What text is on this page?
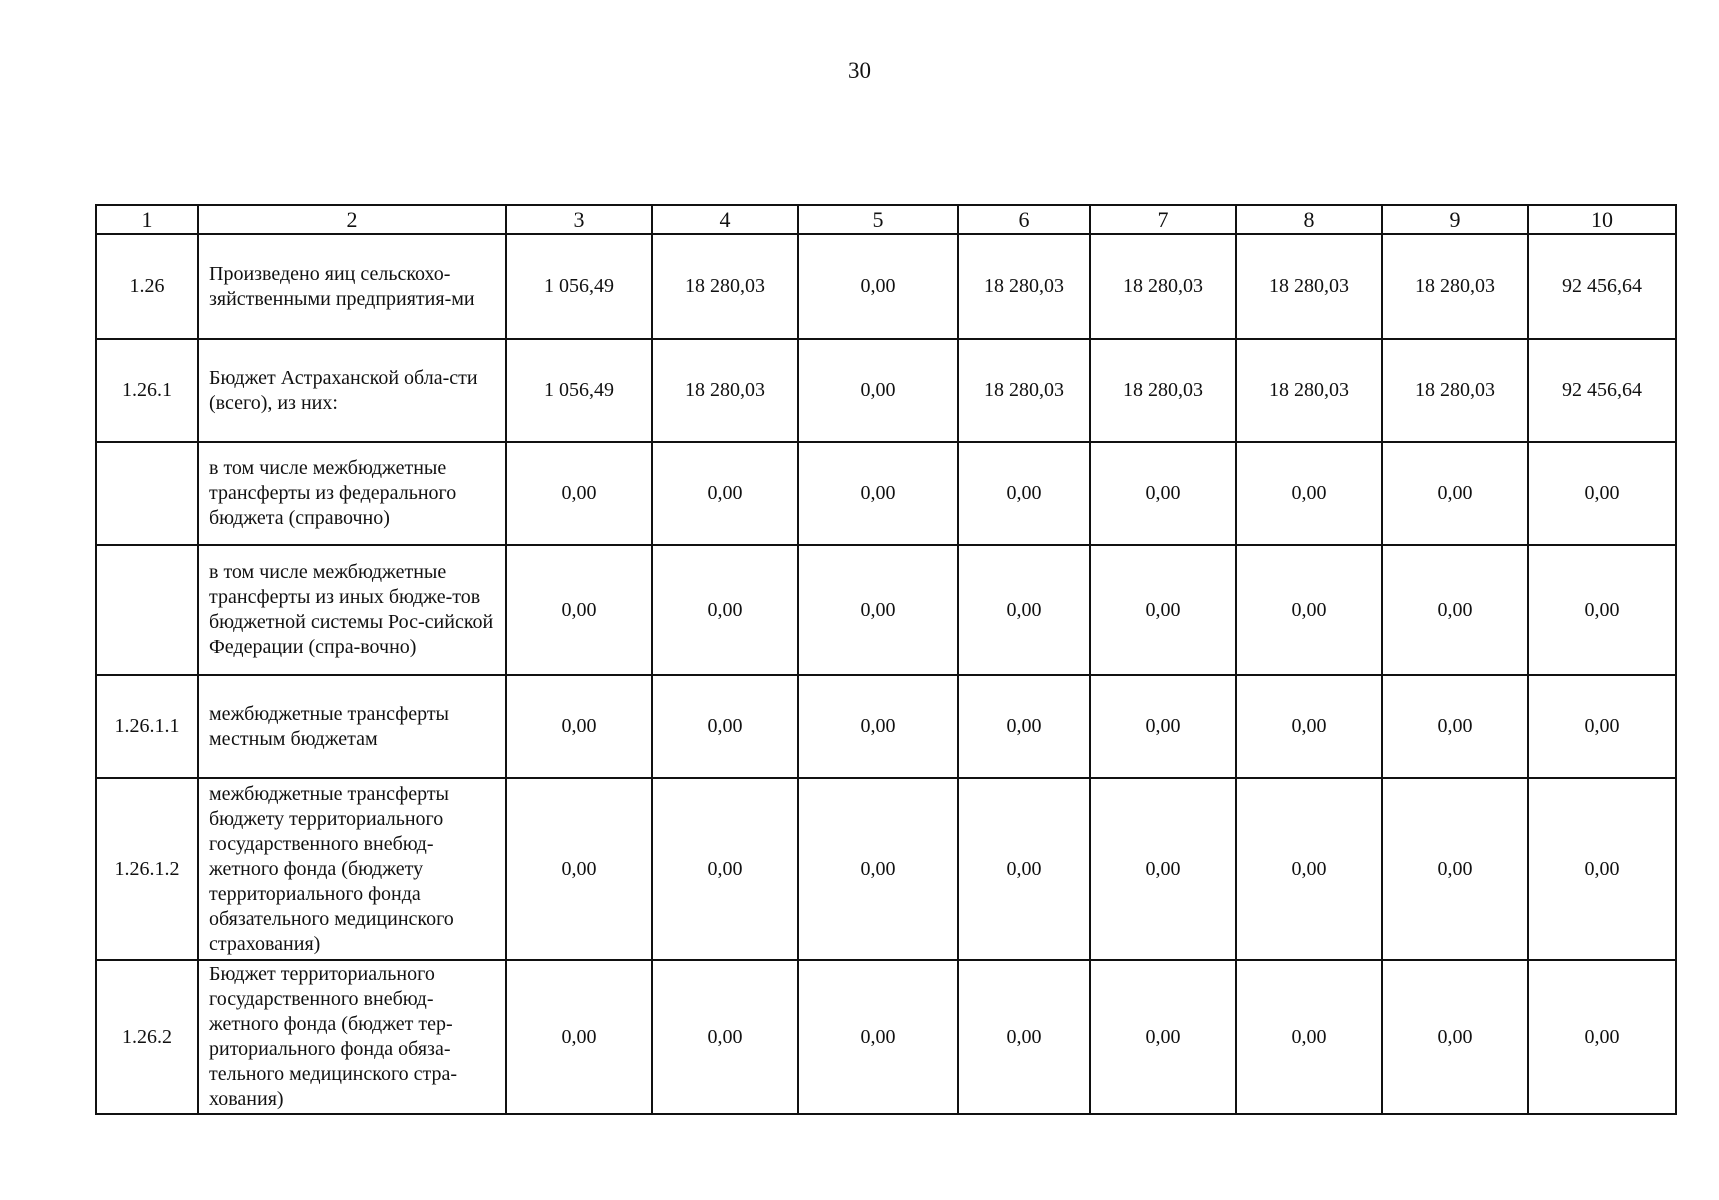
30
1	2	3	4	5	6	7	8	9	10
1.26	Произведено яиц сельскохо-зяйственными предприятия-ми	1 056,49	18 280,03	0,00	18 280,03	18 280,03	18 280,03	18 280,03	92 456,64
1.26.1	Бюджет Астраханской обла-сти (всего), из них:	1 056,49	18 280,03	0,00	18 280,03	18 280,03	18 280,03	18 280,03	92 456,64
	в том числе межбюджетные трансферты из федерального бюджета (справочно)	0,00	0,00	0,00	0,00	0,00	0,00	0,00	0,00
	в том числе межбюджетные трансферты из иных бюдже-тов бюджетной системы Рос-сийской Федерации (спра-вочно)	0,00	0,00	0,00	0,00	0,00	0,00	0,00	0,00
1.26.1.1	межбюджетные трансферты местным бюджетам	0,00	0,00	0,00	0,00	0,00	0,00	0,00	0,00
1.26.1.2	межбюджетные трансферты бюджету территориального государственного внебюд-жетного фонда (бюджету территориального фонда обязательного медицинского страхования)	0,00	0,00	0,00	0,00	0,00	0,00	0,00	0,00
1.26.2	Бюджет территориального государственного внебюд-жетного фонда (бюджет тер-риториального фонда обяза-тельного медицинского стра-хования)	0,00	0,00	0,00	0,00	0,00	0,00	0,00	0,00
